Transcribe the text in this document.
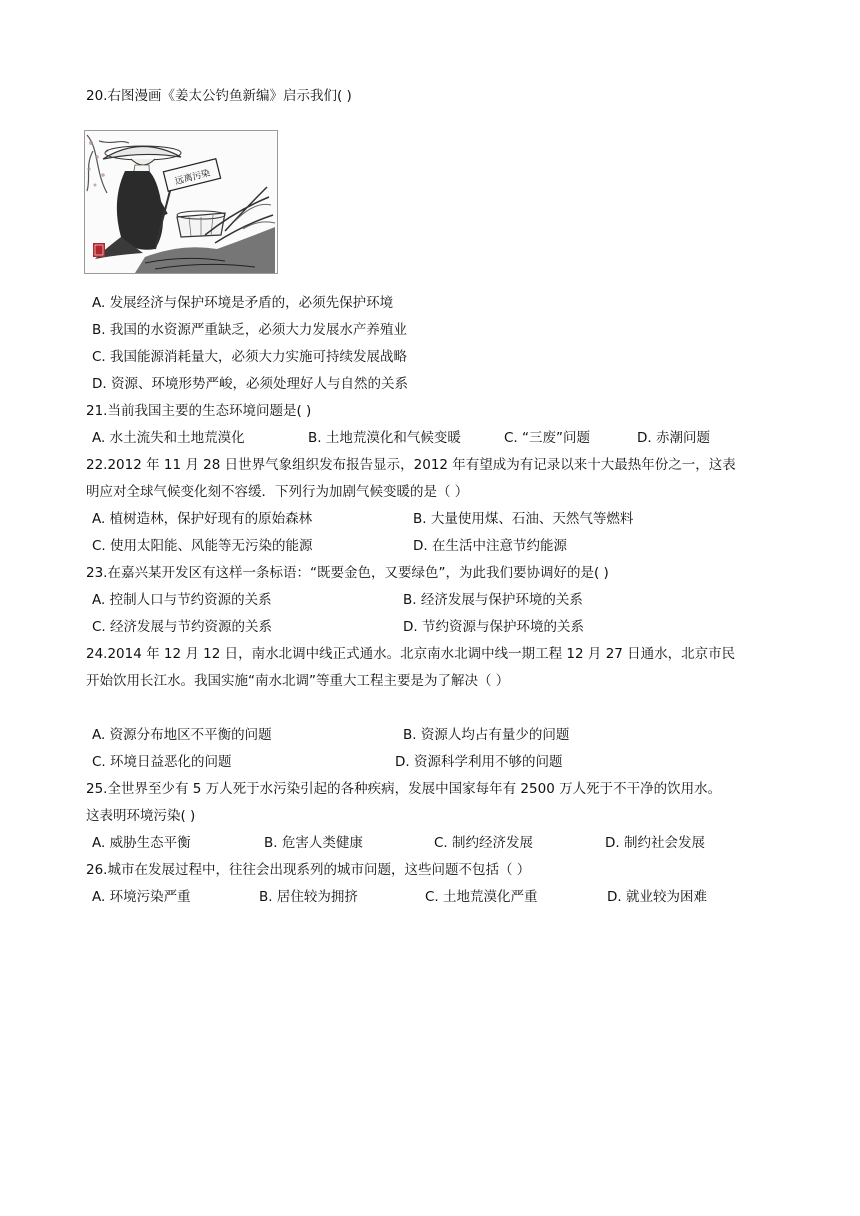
20.右图漫画《姜太公钓鱼新编》启示我们( )
远离污染
A. 发展经济与保护环境是矛盾的，必须先保护环境
B. 我国的水资源严重缺乏，必须大力发展水产养殖业
C. 我国能源消耗量大，必须大力实施可持续发展战略
D. 资源、环境形势严峻，必须处理好人与自然的关系
21.当前我国主要的生态环境问题是( )
A. 水土流失和土地荒漠化	B. 土地荒漠化和气候变暖	C. “三废”问题	D. 赤潮问题
22.2012 年 11 月 28 日世界气象组织发布报告显示，2012 年有望成为有记录以来十大最热年份之一，这表
明应对全球气候变化刻不容缓．下列行为加剧气候变暖的是（ ）
A. 植树造林，保护好现有的原始森林	B. 大量使用煤、石油、天然气等燃料
C. 使用太阳能、风能等无污染的能源	D. 在生活中注意节约能源
23.在嘉兴某开发区有这样一条标语：“既要金色，又要绿色”，为此我们要协调好的是( )
A. 控制人口与节约资源的关系	B. 经济发展与保护环境的关系
C. 经济发展与节约资源的关系	D. 节约资源与保护环境的关系
24.2014 年 12 月 12 日，南水北调中线正式通水。北京南水北调中线一期工程 12 月 27 日通水，北京市民
开始饮用长江水。我国实施“南水北调”等重大工程主要是为了解决（ ）
A. 资源分布地区不平衡的问题	B. 资源人均占有量少的问题
C. 环境日益恶化的问题	D. 资源科学利用不够的问题
25.全世界至少有 5 万人死于水污染引起的各种疾病，发展中国家每年有 2500 万人死于不干净的饮用水。
这表明环境污染( )
A. 威胁生态平衡	B. 危害人类健康	C. 制约经济发展	D. 制约社会发展
26.城市在发展过程中，往往会出现系列的城市问题，这些问题不包括（ ）
A. 环境污染严重	B. 居住较为拥挤	C. 土地荒漠化严重	D. 就业较为困难
